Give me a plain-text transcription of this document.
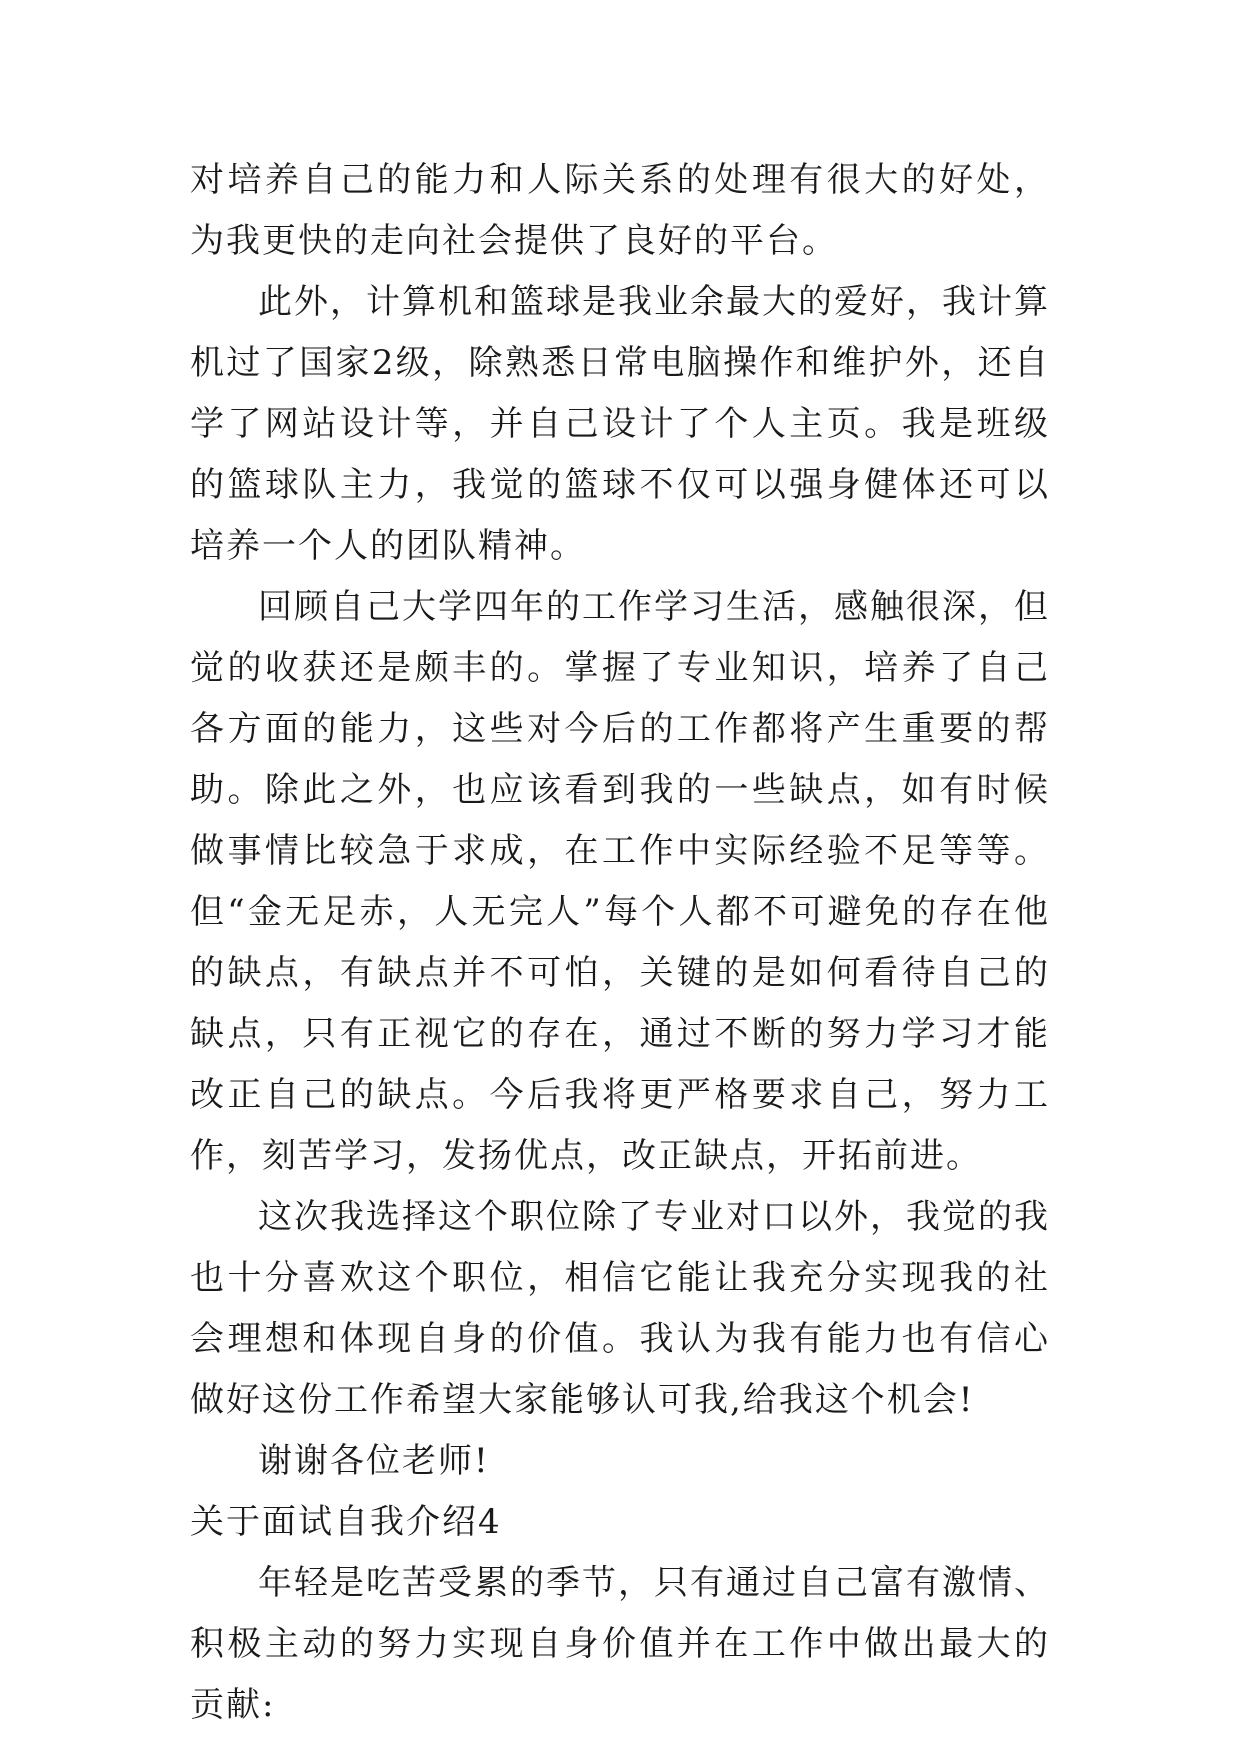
对培养自己的能力和人际关系的处理有很大的好处，为我更快的走向社会提供了良好的平台。

此外，计算机和篮球是我业余最大的爱好，我计算机过了国家2级，除熟悉日常电脑操作和维护外，还自学了网站设计等，并自己设计了个人主页。我是班级的篮球队主力，我觉的篮球不仅可以强身健体还可以培养一个人的团队精神。

回顾自己大学四年的工作学习生活，感触很深，但觉的收获还是颇丰的。掌握了专业知识，培养了自己各方面的能力，这些对今后的工作都将产生重要的帮助。除此之外，也应该看到我的一些缺点，如有时候做事情比较急于求成，在工作中实际经验不足等等。但“金无足赤，人无完人”每个人都不可避免的存在他的缺点，有缺点并不可怕，关键的是如何看待自己的缺点，只有正视它的存在，通过不断的努力学习才能改正自己的缺点。今后我将更严格要求自己，努力工作，刻苦学习，发扬优点，改正缺点，开拓前进。

这次我选择这个职位除了专业对口以外，我觉的我也十分喜欢这个职位，相信它能让我充分实现我的社会理想和体现自身的价值。我认为我有能力也有信心做好这份工作希望大家能够认可我,给我这个机会!

谢谢各位老师!

关于面试自我介绍4

年轻是吃苦受累的季节，只有通过自己富有激情、积极主动的努力实现自身价值并在工作中做出最大的贡献:
